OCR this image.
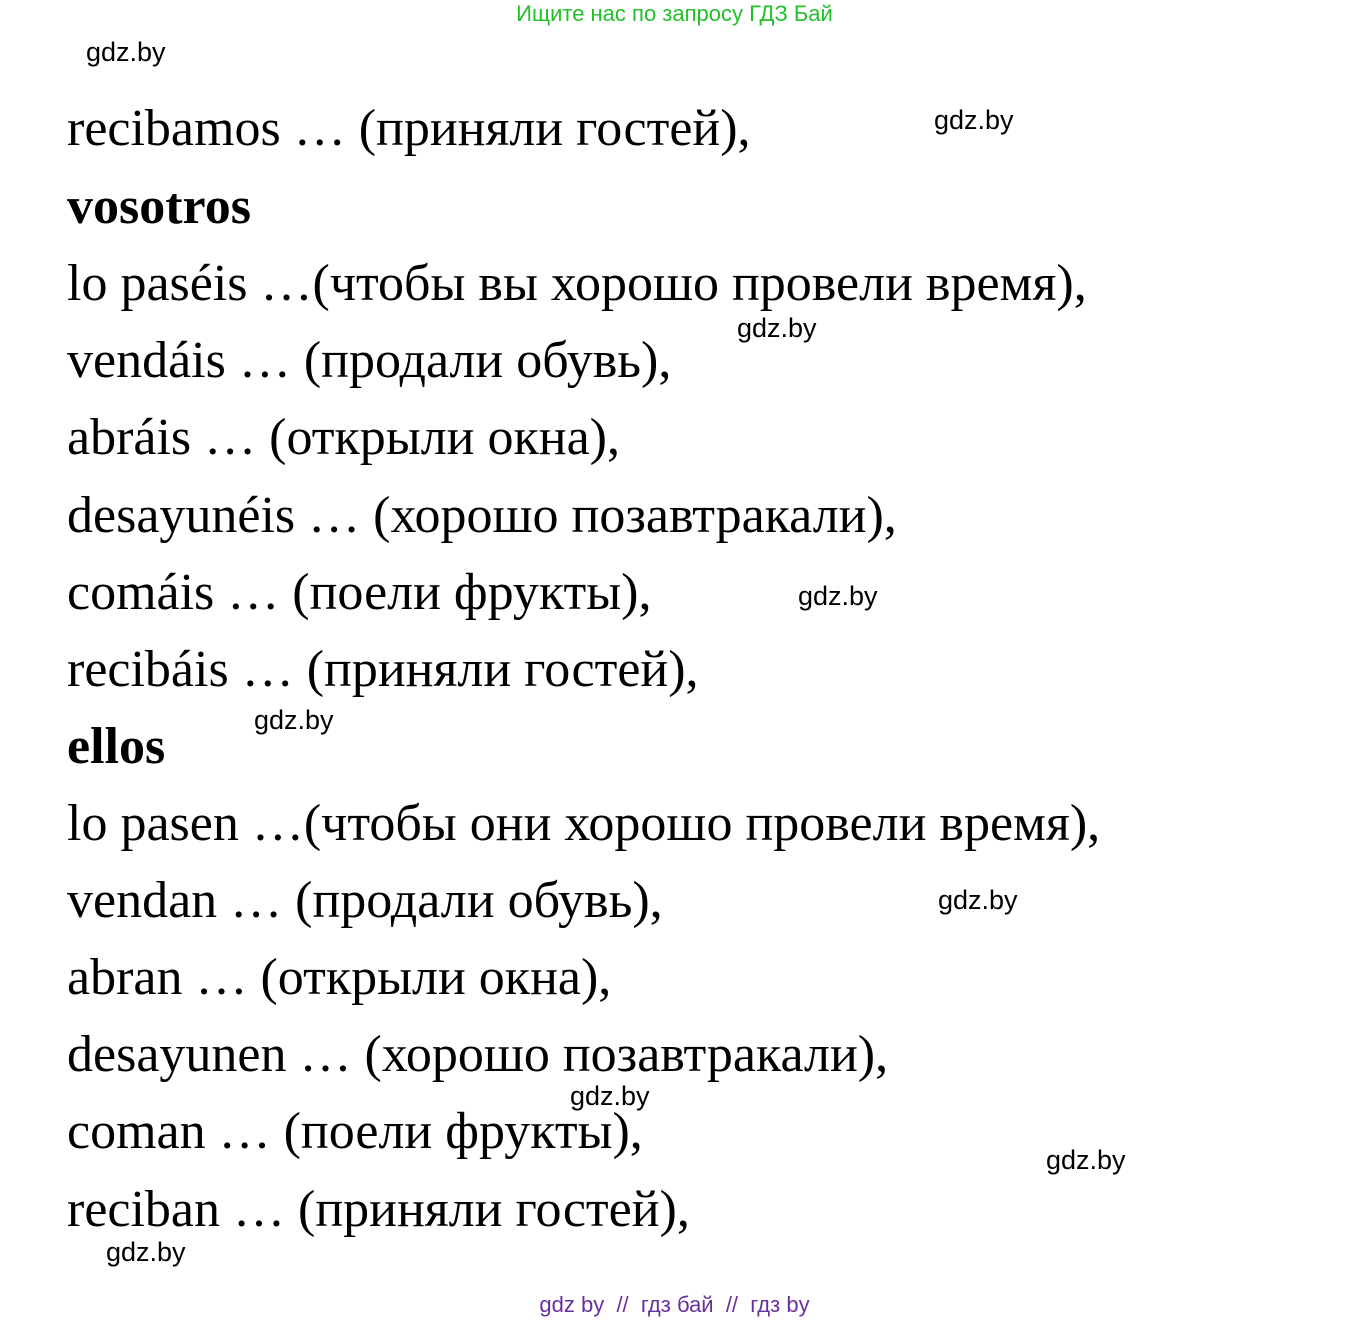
Ищите нас по запросу ГДЗ Бай
recibamos … (приняли гостей),
vosotros
lo paséis …(чтобы вы хорошо провели время),
vendáis … (продали обувь),
abráis … (открыли окна),
desayunéis … (хорошо позавтракали),
comáis … (поели фрукты),
recibáis … (приняли гостей),
ellos
lo pasen …(чтобы они хорошо провели время),
vendan … (продали обувь),
abran … (открыли окна),
desayunen … (хорошо позавтракали),
coman … (поели фрукты),
reciban … (приняли гостей),
gdz.by
gdz.by
gdz.by
gdz.by
gdz.by
gdz.by
gdz.by
gdz.by
gdz.by
gdz by  //  гдз бай  //  гдз by
